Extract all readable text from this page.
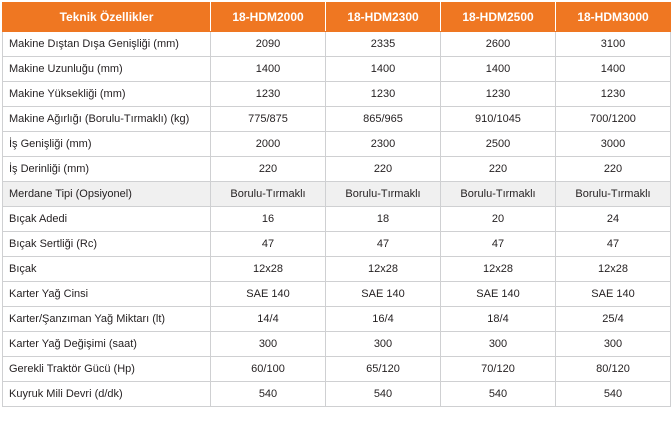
Teknik Özellikler	18-HDM2000	18-HDM2300	18-HDM2500	18-HDM3000
Makine Dıştan Dışa Genişliği (mm)	2090	2335	2600	3100
Makine Uzunluğu (mm)	1400	1400	1400	1400
Makine Yüksekliği (mm)	1230	1230	1230	1230
Makine Ağırlığı (Borulu-Tırmaklı) (kg)	775/875	865/965	910/1045	700/1200
İş Genişliği (mm)	2000	2300	2500	3000
İş Derinliği (mm)	220	220	220	220
Merdane Tipi (Opsiyonel)	Borulu-Tırmaklı	Borulu-Tırmaklı	Borulu-Tırmaklı	Borulu-Tırmaklı
Bıçak Adedi	16	18	20	24
Bıçak Sertliği (Rc)	47	47	47	47
Bıçak	12x28	12x28	12x28	12x28
Karter Yağ Cinsi	SAE 140	SAE 140	SAE 140	SAE 140
Karter/Şanzıman Yağ Miktarı (lt)	14/4	16/4	18/4	25/4
Karter Yağ Değişimi (saat)	300	300	300	300
Gerekli Traktör Gücü (Hp)	60/100	65/120	70/120	80/120
Kuyruk Mili Devri (d/dk)	540	540	540	540
